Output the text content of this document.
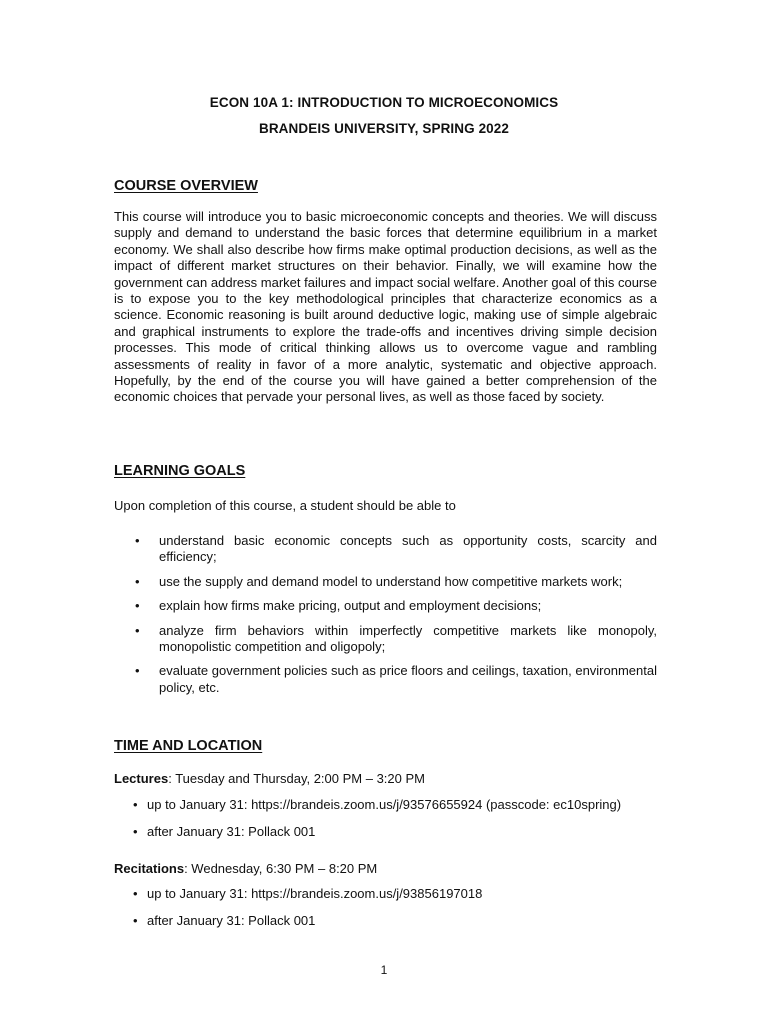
ECON 10A 1: INTRODUCTION TO MICROECONOMICS
BRANDEIS UNIVERSITY, SPRING 2022
COURSE OVERVIEW
This course will introduce you to basic microeconomic concepts and theories. We will discuss supply and demand to understand the basic forces that determine equilibrium in a market economy. We shall also describe how firms make optimal production decisions, as well as the impact of different market structures on their behavior. Finally, we will examine how the government can address market failures and impact social welfare. Another goal of this course is to expose you to the key methodological principles that characterize economics as a science. Economic reasoning is built around deductive logic, making use of simple algebraic and graphical instruments to explore the trade-offs and incentives driving simple decision processes. This mode of critical thinking allows us to overcome vague and rambling assessments of reality in favor of a more analytic, systematic and objective approach. Hopefully, by the end of the course you will have gained a better comprehension of the economic choices that pervade your personal lives, as well as those faced by society.
LEARNING GOALS
Upon completion of this course, a student should be able to
• understand basic economic concepts such as opportunity costs, scarcity and efficiency;
• use the supply and demand model to understand how competitive markets work;
• explain how firms make pricing, output and employment decisions;
• analyze firm behaviors within imperfectly competitive markets like monopoly, monopolistic competition and oligopoly;
• evaluate government policies such as price floors and ceilings, taxation, environmental policy, etc.
TIME AND LOCATION
Lectures: Tuesday and Thursday, 2:00 PM – 3:20 PM
• up to January 31: https://brandeis.zoom.us/j/93576655924 (passcode: ec10spring)
• after January 31: Pollack 001
Recitations: Wednesday, 6:30 PM – 8:20 PM
• up to January 31: https://brandeis.zoom.us/j/93856197018
• after January 31: Pollack 001
1
